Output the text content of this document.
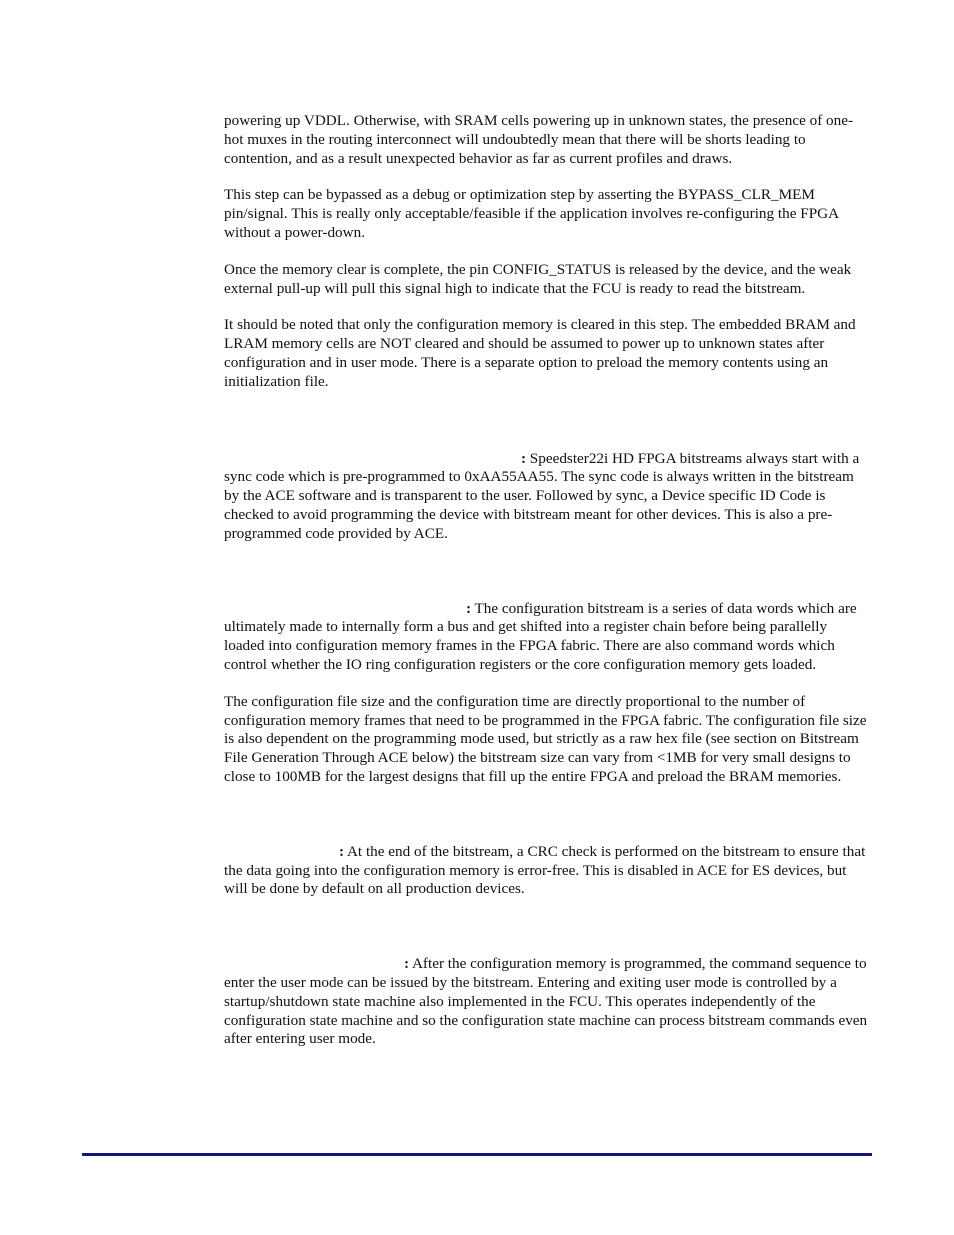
powering up VDDL. Otherwise, with SRAM cells powering up in unknown states, the presence of one-hot muxes in the routing interconnect will undoubtedly mean that there will be shorts leading to contention, and as a result unexpected behavior as far as current profiles and draws.

This step can be bypassed as a debug or optimization step by asserting the BYPASS_CLR_MEM pin/signal. This is really only acceptable/feasible if the application involves re-configuring the FPGA without a power-down.

Once the memory clear is complete, the pin CONFIG_STATUS is released by the device, and the weak external pull-up will pull this signal high to indicate that the FCU is ready to read the bitstream.

It should be noted that only the configuration memory is cleared in this step. The embedded BRAM and LRAM memory cells are NOT cleared and should be assumed to power up to unknown states after configuration and in user mode. There is a separate option to preload the memory contents using an initialization file.

: Speedster22i HD FPGA bitstreams always start with a sync code which is pre-programmed to 0xAA55AA55. The sync code is always written in the bitstream by the ACE software and is transparent to the user. Followed by sync, a Device specific ID Code is checked to avoid programming the device with bitstream meant for other devices. This is also a pre-programmed code provided by ACE.

: The configuration bitstream is a series of data words which are ultimately made to internally form a bus and get shifted into a register chain before being parallelly loaded into configuration memory frames in the FPGA fabric. There are also command words which control whether the IO ring configuration registers or the core configuration memory gets loaded.

The configuration file size and the configuration time are directly proportional to the number of configuration memory frames that need to be programmed in the FPGA fabric. The configuration file size is also dependent on the programming mode used, but strictly as a raw hex file (see section on Bitstream File Generation Through ACE below) the bitstream size can vary from <1MB for very small designs to close to 100MB for the largest designs that fill up the entire FPGA and preload the BRAM memories.

: At the end of the bitstream, a CRC check is performed on the bitstream to ensure that the data going into the configuration memory is error-free. This is disabled in ACE for ES devices, but will be done by default on all production devices.

: After the configuration memory is programmed, the command sequence to enter the user mode can be issued by the bitstream. Entering and exiting user mode is controlled by a startup/shutdown state machine also implemented in the FCU. This operates independently of the configuration state machine and so the configuration state machine can process bitstream commands even after entering user mode.
